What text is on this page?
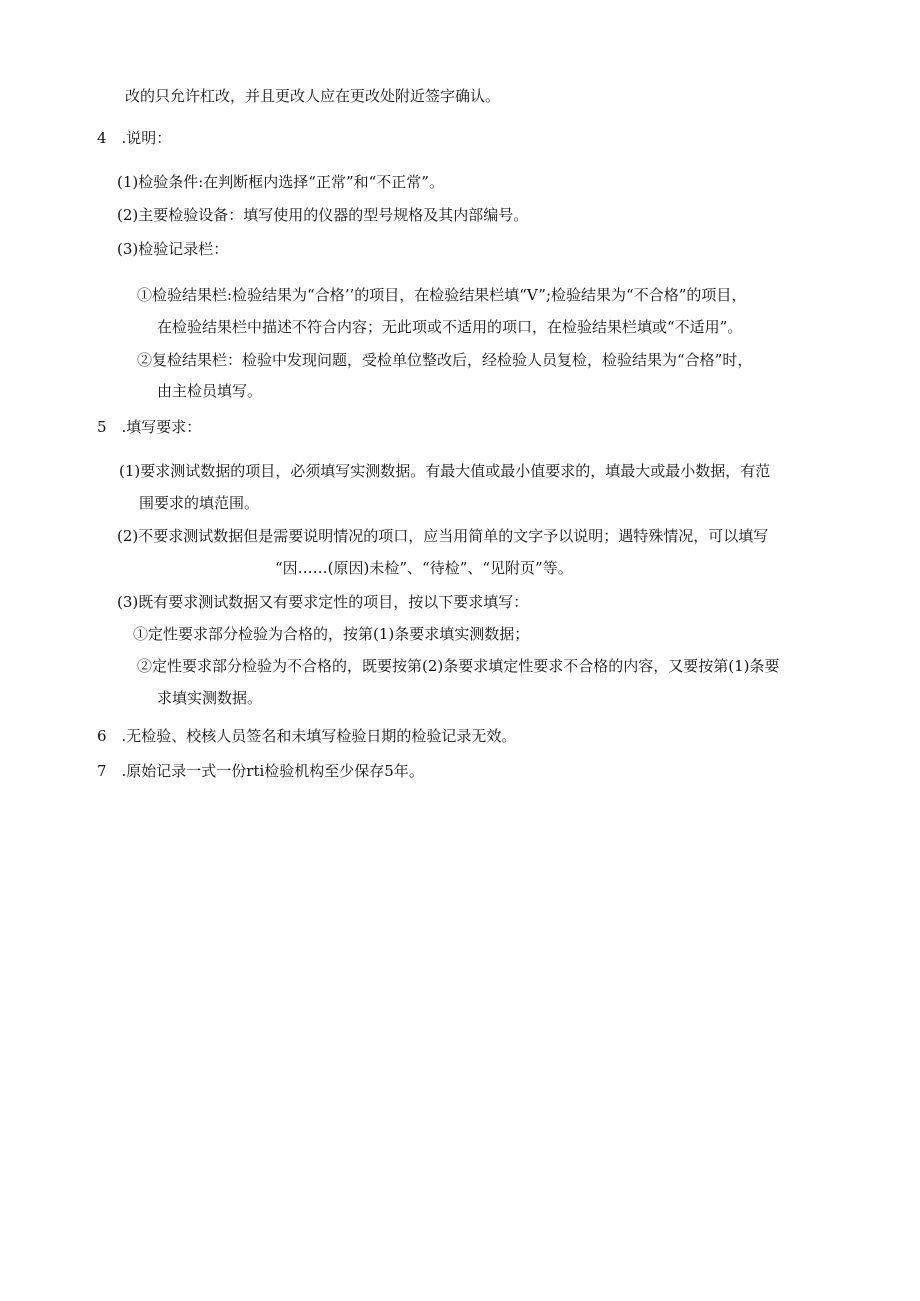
改的只允许杠改，并且更改人应在更改处附近签字确认。
4　.说明：
(1)检验条件:在判断框内选择“正常”和“不正常”。
(2)主要检验设备：填写使用的仪器的型号规格及其内部编号。
(3)检验记录栏：
①检验结果栏:检验结果为“合格’’的项目，在检验结果栏填“V”;检验结果为“不合格”的项目，
在检验结果栏中描述不符合内容；无此项或不适用的项口，在检验结果栏填或“不适用”。
②复检结果栏：检验中发现问题，受检单位整改后，经检验人员复检，检验结果为“合格”时，
由主检员填写。
5　.填写要求：
(1)要求测试数据的项目，必须填写实测数据。有最大值或最小值要求的，填最大或最小数据，有范
围要求的填范围。
(2)不要求测试数据但是需要说明情况的项口，应当用简单的文字予以说明；遇特殊情况，可以填写
“因……(原因)未检”、“待检”、“见附页”等。
(3)既有要求测试数据又有要求定性的项目，按以下要求填写：
①定性要求部分检验为合格的，按第(1)条要求填实测数据；
②定性要求部分检验为不合格的，既要按第(2)条要求填定性要求不合格的内容，又要按第(1)条要
求填实测数据。
6　.无检验、校核人员签名和未填写检验日期的检验记录无效。
7　.原始记录一式一份rti检验机构至少保存5年。
